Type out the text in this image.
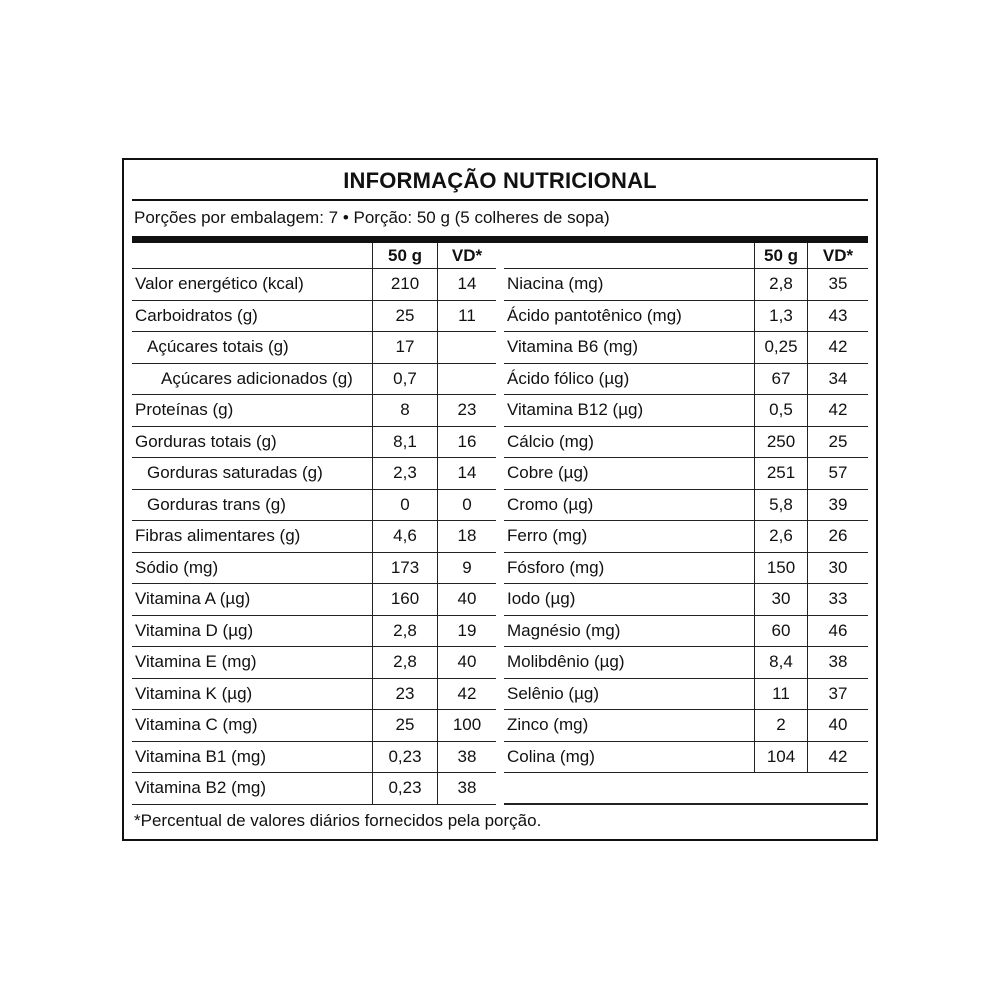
INFORMAÇÃO NUTRICIONAL
Porções por embalagem: 7 • Porção: 50 g (5 colheres de sopa)
50 g	VD*
Valor energético (kcal)	210	14
Carboidratos (g)	25	11
Açúcares totais (g)	17
Açúcares adicionados (g)	0,7
Proteínas (g)	8	23
Gorduras totais (g)	8,1	16
Gorduras saturadas (g)	2,3	14
Gorduras trans (g)	0	0
Fibras alimentares (g)	4,6	18
Sódio (mg)	173	9
Vitamina A (µg)	160	40
Vitamina D (µg)	2,8	19
Vitamina E (mg)	2,8	40
Vitamina K (µg)	23	42
Vitamina C (mg)	25	100
Vitamina B1 (mg)	0,23	38
Vitamina B2 (mg)	0,23	38
50 g	VD*
Niacina (mg)	2,8	35
Ácido pantotênico (mg)	1,3	43
Vitamina B6 (mg)	0,25	42
Ácido fólico (µg)	67	34
Vitamina B12 (µg)	0,5	42
Cálcio (mg)	250	25
Cobre (µg)	251	57
Cromo (µg)	5,8	39
Ferro (mg)	2,6	26
Fósforo (mg)	150	30
Iodo (µg)	30	33
Magnésio (mg)	60	46
Molibdênio (µg)	8,4	38
Selênio (µg)	11	37
Zinco (mg)	2	40
Colina (mg)	104	42
*Percentual de valores diários fornecidos pela porção.
